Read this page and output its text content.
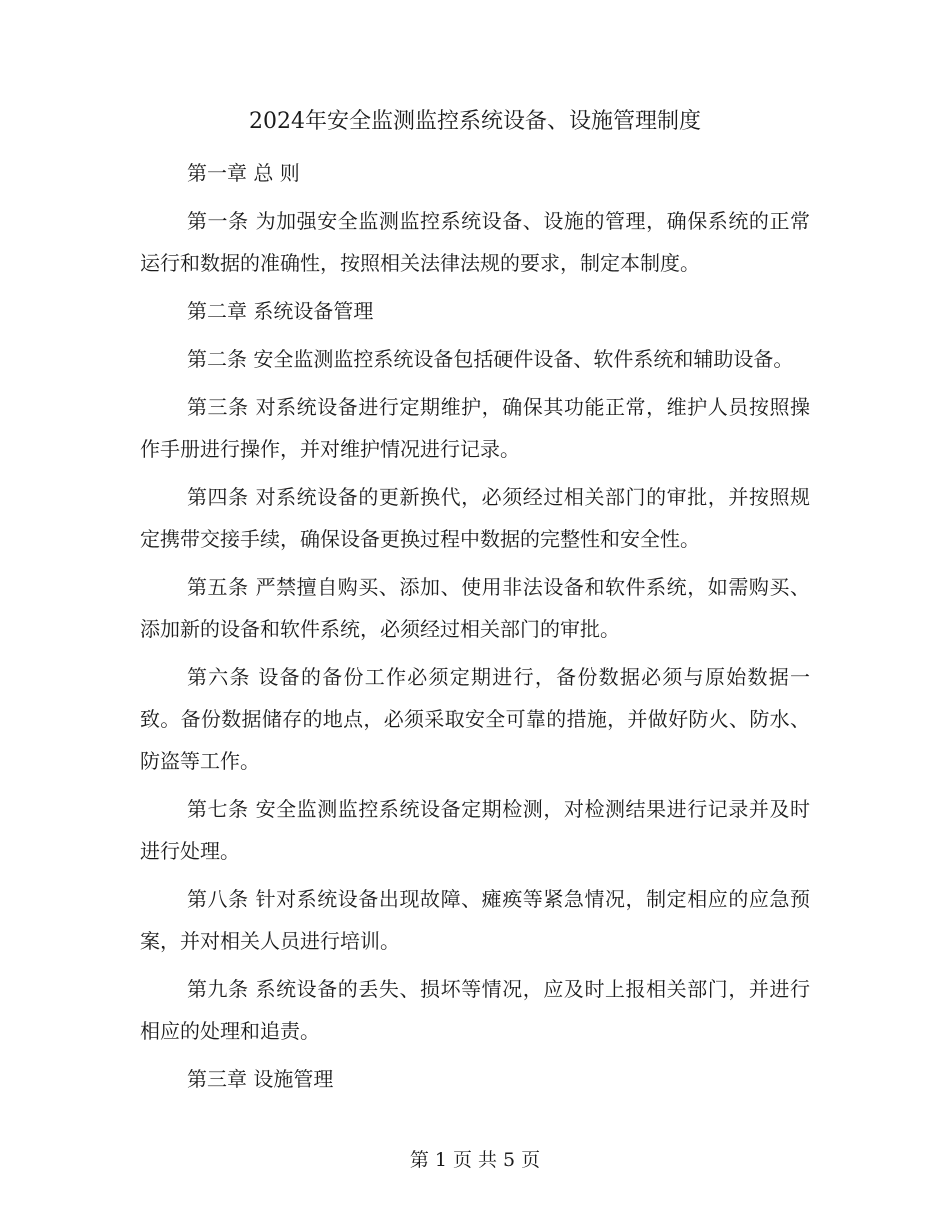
2024年安全监测监控系统设备、设施管理制度

第一章 总 则

第一条 为加强安全监测监控系统设备、设施的管理，确保系统的正常运行和数据的准确性，按照相关法律法规的要求，制定本制度。

第二章 系统设备管理

第二条 安全监测监控系统设备包括硬件设备、软件系统和辅助设备。

第三条 对系统设备进行定期维护，确保其功能正常，维护人员按照操作手册进行操作，并对维护情况进行记录。

第四条 对系统设备的更新换代，必须经过相关部门的审批，并按照规定携带交接手续，确保设备更换过程中数据的完整性和安全性。

第五条 严禁擅自购买、添加、使用非法设备和软件系统，如需购买、添加新的设备和软件系统，必须经过相关部门的审批。

第六条 设备的备份工作必须定期进行，备份数据必须与原始数据一致。备份数据储存的地点，必须采取安全可靠的措施，并做好防火、防水、防盗等工作。

第七条 安全监测监控系统设备定期检测，对检测结果进行记录并及时进行处理。

第八条 针对系统设备出现故障、瘫痪等紧急情况，制定相应的应急预案，并对相关人员进行培训。

第九条 系统设备的丢失、损坏等情况，应及时上报相关部门，并进行相应的处理和追责。

第三章 设施管理

第 1 页 共 5 页
